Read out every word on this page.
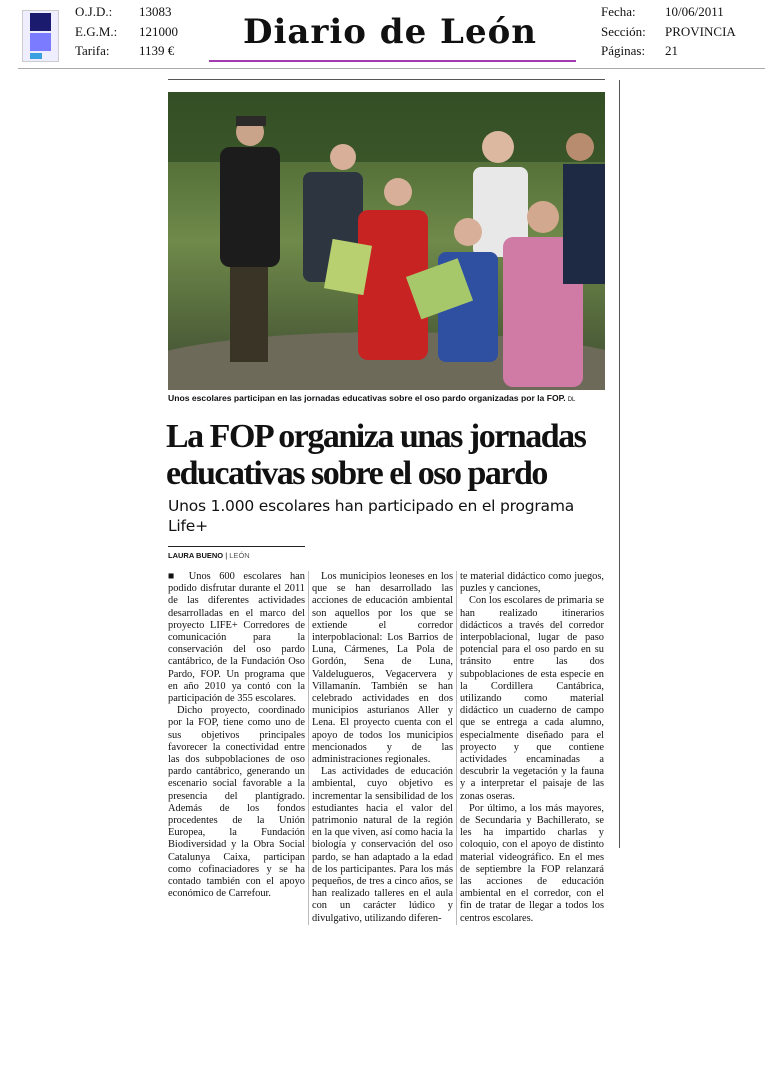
O.J.D.:	13083
E.G.M.:	121000
Tarifa:	1139 €	Diario de León
Fecha:	10/06/2011
Sección:	PROVINCIA
Páginas:	21
Unos escolares participan en las jornadas educativas sobre el oso pardo organizadas por la FOP. DL
La FOP organiza unas jornadas educativas sobre el oso pardo
Unos 1.000 escolares han participado en el programa Life+
LAURA BUENO | LEÓN

■ Unos 600 escolares han podido disfrutar durante el 2011 de las diferentes actividades desarrolladas en el marco del proyecto LIFE+ Corredores de comunicación para la conservación del oso pardo cantábrico, de la Fundación Oso Pardo, FOP. Un programa que en año 2010 ya contó con la participación de 355 escolares.

Dicho proyecto, coordinado por la FOP, tiene como uno de sus objetivos principales favorecer la conectividad entre las dos subpoblaciones de oso pardo cantábrico, generando un escenario social favorable a la presencia del plantígrado. Además de los fondos procedentes de la Unión Europea, la Fundación Biodiversidad y la Obra Social Catalunya Caixa, participan como cofinaciadores y se ha contado también con el apoyo económico de Carrefour.

Los municipios leoneses en los que se han desarrollado las acciones de educación ambiental son aquellos por los que se extiende el corredor interpoblacional: Los Barrios de Luna, Cármenes, La Pola de Gordón, Sena de Luna, Valdelugueros, Vegacervera y Villamanín. También se han celebrado actividades en dos municipios asturianos Aller y Lena. El proyecto cuenta con el apoyo de todos los municipios mencionados y de las administraciones regionales.

Las actividades de educación ambiental, cuyo objetivo es incrementar la sensibilidad de los estudiantes hacia el valor del patrimonio natural de la región en la que viven, así como hacia la biología y conservación del oso pardo, se han adaptado a la edad de los participantes. Para los más pequeños, de tres a cinco años, se han realizado talleres en el aula con un carácter lúdico y divulgativo, utilizando diferen-

te material didáctico como juegos, puzles y canciones,

Con los escolares de primaria se han realizado itinerarios didácticos a través del corredor interpoblacional, lugar de paso potencial para el oso pardo en su tránsito entre las dos subpoblaciones de esta especie en la Cordillera Cantábrica, utilizando como material didáctico un cuaderno de campo que se entrega a cada alumno, especialmente diseñado para el proyecto y que contiene actividades encaminadas a descubrir la vegetación y la fauna y a interpretar el paisaje de las zonas oseras.

Por último, a los más mayores, de Secundaria y Bachillerato, se les ha impartido charlas y coloquio, con el apoyo de distinto material videográfico. En el mes de septiembre la FOP relanzará las acciones de educación ambiental en el corredor, con el fin de tratar de llegar a todos los centros escolares.
